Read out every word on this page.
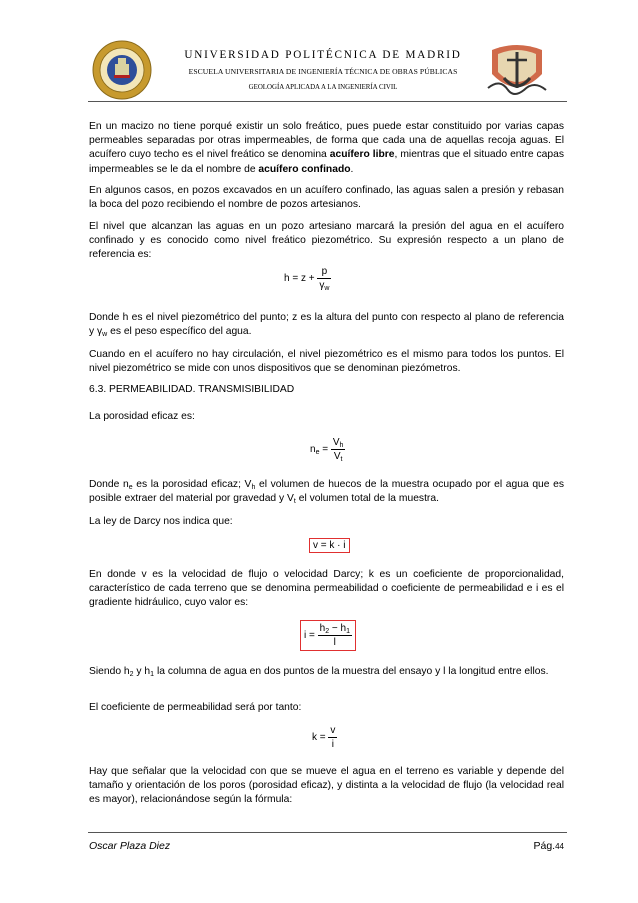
UNIVERSIDAD POLITÉCNICA DE MADRID
ESCUELA UNIVERSITARIA DE INGENIERÍA TÉCNICA DE OBRAS PÚBLICAS
GEOLOGÍA APLICADA A LA INGENIERÍA CIVIL
En un macizo no tiene porqué existir un solo freático, pues puede estar constituido por varias capas permeables separadas por otras impermeables, de forma que cada una de aquellas recoja aguas. El acuífero cuyo techo es el nivel freático se denomina acuífero libre, mientras que el situado entre capas impermeables se le da el nombre de acuífero confinado.
En algunos casos, en pozos excavados en un acuífero confinado, las aguas salen a presión y rebasan la boca del pozo recibiendo el nombre de pozos artesianos.
El nivel que alcanzan las aguas en un pozo artesiano marcará la presión del agua en el acuífero confinado y es conocido como nivel freático piezométrico. Su expresión respecto a un plano de referencia es:
$h = z + \frac{p}{\gamma_w}$
Donde h es el nivel piezométrico del punto; z es la altura del punto con respecto al plano de referencia y $\gamma_w$ es el peso específico del agua.
Cuando en el acuífero no hay circulación, el nivel piezométrico es el mismo para todos los puntos. El nivel piezométrico se mide con unos dispositivos que se denominan piezómetros.
6.3. PERMEABILIDAD. TRANSMISIBILIDAD
La porosidad eficaz es:
$n_e = \frac{V_h}{V_t}$
Donde $n_e$ es la porosidad eficaz; $V_h$ el volumen de huecos de la muestra ocupado por el agua que es posible extraer del material por gravedad y $V_t$ el volumen total de la muestra.
La ley de Darcy nos indica que:
v = k · i
En donde v es la velocidad de flujo o velocidad Darcy; k es un coeficiente de proporcionalidad, característico de cada terreno que se denomina permeabilidad o coeficiente de permeabilidad e i es el gradiente hidráulico, cuyo valor es:
$i = \frac{h_2 - h_1}{l}$
Siendo $h_2$ y $h_1$ la columna de agua en dos puntos de la muestra del ensayo y l la longitud entre ellos.
El coeficiente de permeabilidad será por tanto:
$k = \frac{v}{i}$
Hay que señalar que la velocidad con que se mueve el agua en el terreno es variable y depende del tamaño y orientación de los poros (porosidad eficaz), y distinta a la velocidad de flujo (la velocidad real es mayor), relacionándose según la fórmula:
Oscar Plaza Diez	Pág.44
